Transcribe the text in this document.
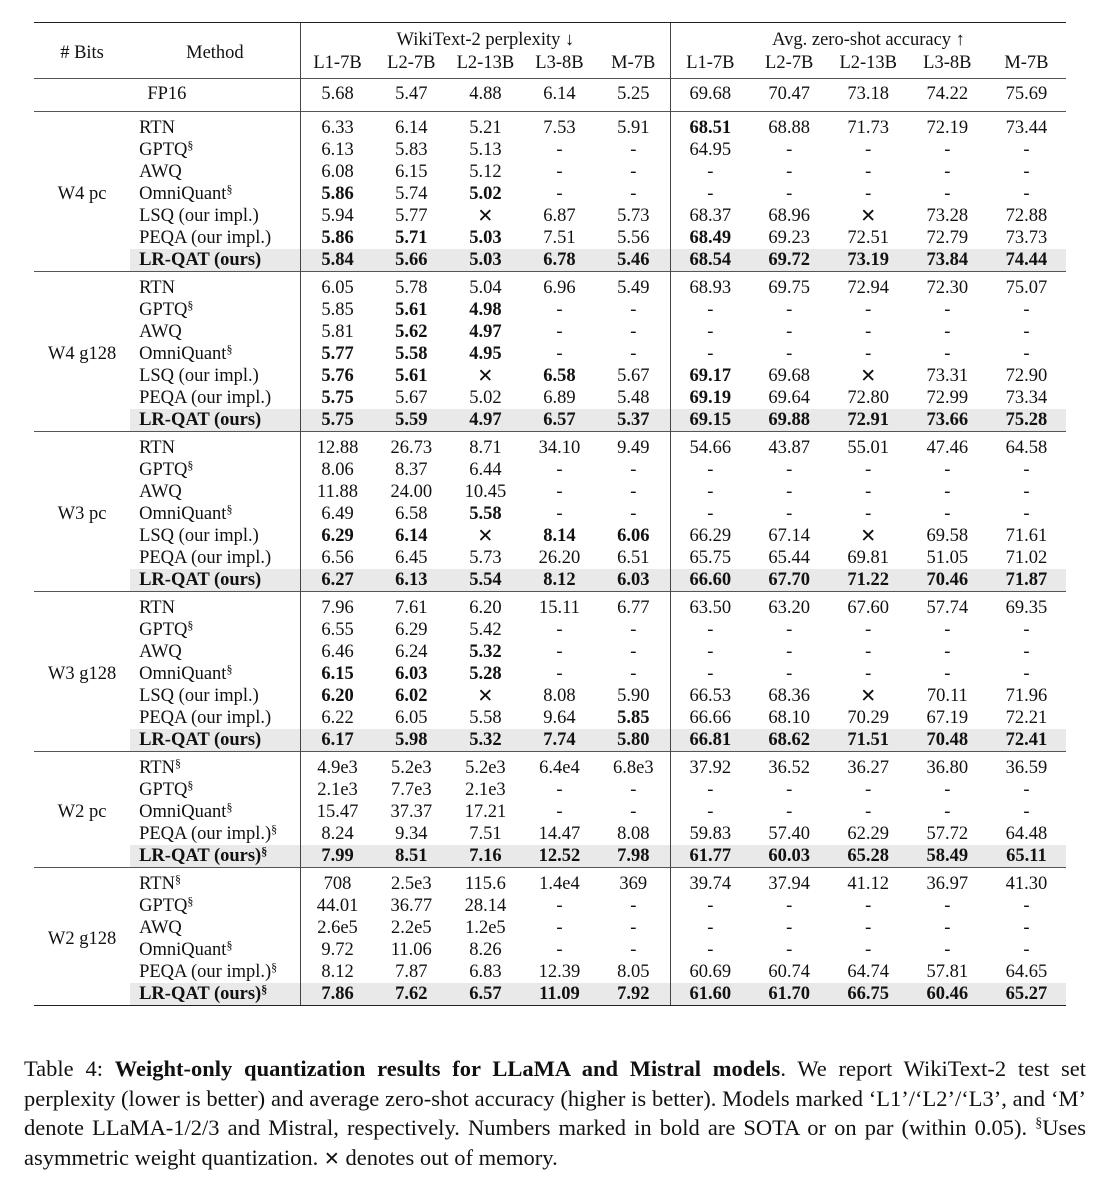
# Bits	Method	WikiText-2 perplexity ↓					Avg. zero-shot accuracy ↑				
		L1-7B	L2-7B	L2-13B	L3-8B	M-7B	L1-7B	L2-7B	L2-13B	L3-8B	M-7B
FP16		5.68	5.47	4.88	6.14	5.25	69.68	70.47	73.18	74.22	75.69
W4 pc	RTN	6.33	6.14	5.21	7.53	5.91	68.51	68.88	71.73	72.19	73.44
	GPTQ§	6.13	5.83	5.13	-	-	64.95	-	-	-	-
	AWQ	6.08	6.15	5.12	-	-	-	-	-	-	-
	OmniQuant§	5.86	5.74	5.02	-	-	-	-	-	-	-
	LSQ (our impl.)	5.94	5.77	✕	6.87	5.73	68.37	68.96	✕	73.28	72.88
	PEQA (our impl.)	5.86	5.71	5.03	7.51	5.56	68.49	69.23	72.51	72.79	73.73
	LR-QAT (ours)	5.84	5.66	5.03	6.78	5.46	68.54	69.72	73.19	73.84	74.44
W4 g128	RTN	6.05	5.78	5.04	6.96	5.49	68.93	69.75	72.94	72.30	75.07
	GPTQ§	5.85	5.61	4.98	-	-	-	-	-	-	-
	AWQ	5.81	5.62	4.97	-	-	-	-	-	-	-
	OmniQuant§	5.77	5.58	4.95	-	-	-	-	-	-	-
	LSQ (our impl.)	5.76	5.61	✕	6.58	5.67	69.17	69.68	✕	73.31	72.90
	PEQA (our impl.)	5.75	5.67	5.02	6.89	5.48	69.19	69.64	72.80	72.99	73.34
	LR-QAT (ours)	5.75	5.59	4.97	6.57	5.37	69.15	69.88	72.91	73.66	75.28
W3 pc	RTN	12.88	26.73	8.71	34.10	9.49	54.66	43.87	55.01	47.46	64.58
	GPTQ§	8.06	8.37	6.44	-	-	-	-	-	-	-
	AWQ	11.88	24.00	10.45	-	-	-	-	-	-	-
	OmniQuant§	6.49	6.58	5.58	-	-	-	-	-	-	-
	LSQ (our impl.)	6.29	6.14	✕	8.14	6.06	66.29	67.14	✕	69.58	71.61
	PEQA (our impl.)	6.56	6.45	5.73	26.20	6.51	65.75	65.44	69.81	51.05	71.02
	LR-QAT (ours)	6.27	6.13	5.54	8.12	6.03	66.60	67.70	71.22	70.46	71.87
W3 g128	RTN	7.96	7.61	6.20	15.11	6.77	63.50	63.20	67.60	57.74	69.35
	GPTQ§	6.55	6.29	5.42	-	-	-	-	-	-	-
	AWQ	6.46	6.24	5.32	-	-	-	-	-	-	-
	OmniQuant§	6.15	6.03	5.28	-	-	-	-	-	-	-
	LSQ (our impl.)	6.20	6.02	✕	8.08	5.90	66.53	68.36	✕	70.11	71.96
	PEQA (our impl.)	6.22	6.05	5.58	9.64	5.85	66.66	68.10	70.29	67.19	72.21
	LR-QAT (ours)	6.17	5.98	5.32	7.74	5.80	66.81	68.62	71.51	70.48	72.41
W2 pc	RTN§	4.9e3	5.2e3	5.2e3	6.4e4	6.8e3	37.92	36.52	36.27	36.80	36.59
	GPTQ§	2.1e3	7.7e3	2.1e3	-	-	-	-	-	-	-
	OmniQuant§	15.47	37.37	17.21	-	-	-	-	-	-	-
	PEQA (our impl.)§	8.24	9.34	7.51	14.47	8.08	59.83	57.40	62.29	57.72	64.48
	LR-QAT (ours)§	7.99	8.51	7.16	12.52	7.98	61.77	60.03	65.28	58.49	65.11
W2 g128	RTN§	708	2.5e3	115.6	1.4e4	369	39.74	37.94	41.12	36.97	41.30
	GPTQ§	44.01	36.77	28.14	-	-	-	-	-	-	-
	AWQ	2.6e5	2.2e5	1.2e5	-	-	-	-	-	-	-
	OmniQuant§	9.72	11.06	8.26	-	-	-	-	-	-	-
	PEQA (our impl.)§	8.12	7.87	6.83	12.39	8.05	60.69	60.74	64.74	57.81	64.65
	LR-QAT (ours)§	7.86	7.62	6.57	11.09	7.92	61.60	61.70	66.75	60.46	65.27
Table 4: Weight-only quantization results for LLaMA and Mistral models. We report WikiText-2 test set perplexity (lower is better) and average zero-shot accuracy (higher is better). Models marked ‘L1’/‘L2’/‘L3’, and ‘M’ denote LLaMA-1/2/3 and Mistral, respectively. Numbers marked in bold are SOTA or on par (within 0.05). §Uses asymmetric weight quantization. ✕ denotes out of memory.
